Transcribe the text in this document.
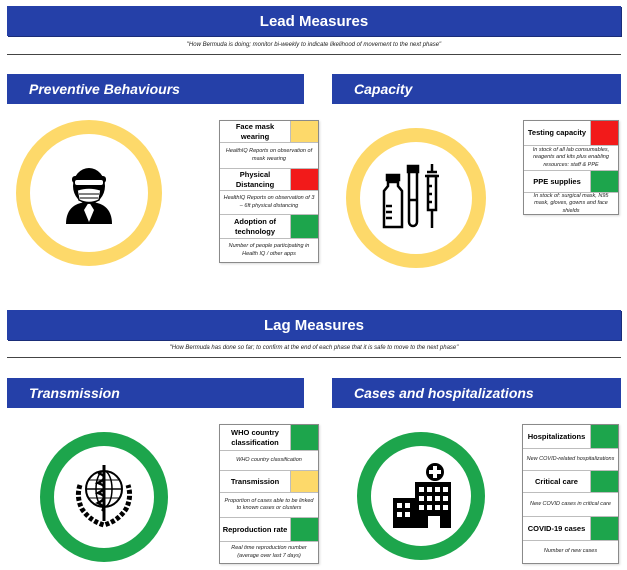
Lead Measures
"How Bermuda is doing; monitor bi-weekly to indicate likelihood of movement to the next phase"
Preventive Behaviours
Face mask wearing
HealthIQ Reports on observation of mask wearing
Physical Distancing
HealthIQ Reports on observation of 3 – 6ft physical distancing
Adoption of technology
Number of people participating in Health IQ / other apps
Capacity
Testing capacity
In stock of all lab consumables, reagents and kits plus enabling resources: staff & PPE
PPE supplies
In stock of: surgical mask, N95 mask, gloves, gowns and face shields
Lag Measures
"How Bermuda has done so far; to confirm at the end of each phase that it is safe to move to the next phase"
Transmission
WHO country classification
WHO country classification
Transmission
Proportion of cases able to be linked to known cases or clusters
Reproduction rate
Real time reproduction number (average over last 7 days)
Cases and hospitalizations
Hospitalizations
New COVID-related hospitalizations
Critical care
New COVID cases in critical care
COVID-19 cases
Number of new cases
